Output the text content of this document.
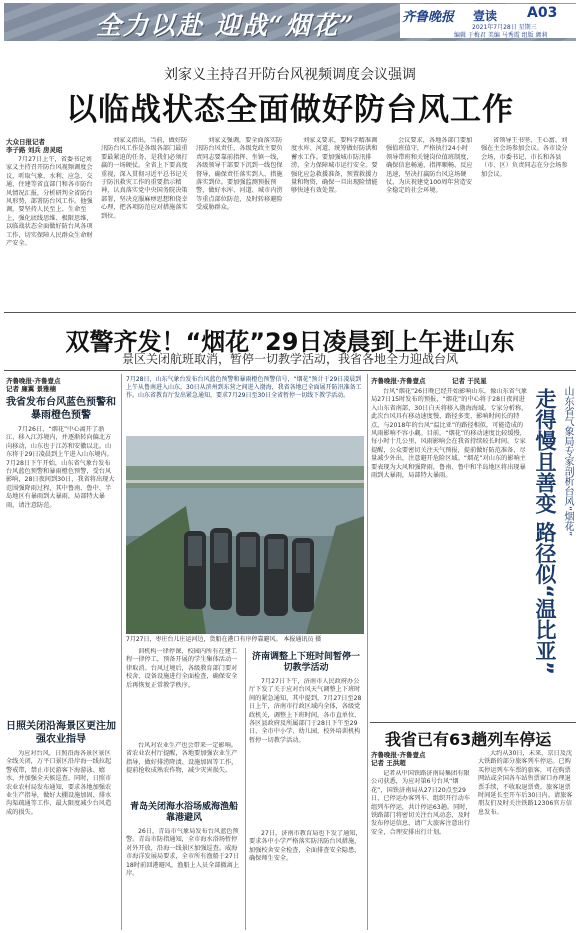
全力以赴 迎战“烟花”	齐鲁晚报 壹读 A03
2021年7月28日 星期三
编辑 于梅君 美编 马秀霞 组版 颜莉
刘家义主持召开防台风视频调度会议强调
以临战状态全面做好防台风工作
大众日报记者
李子路 刘兵 房灵昭
7月27日上午，省委书记刘家义主持召开防台风视频调度会议，听取气象、水利、应急、交通、住建等省直部门和各市防台风情况汇报，分析研判全省防台风形势，部署防台风工作。他强调，要坚持人民至上、生命至上，强化底线思维、极限思维，以临战状态全面做好防台风各项工作，切实保障人民群众生命财产安全。
刘家义指出，当前，做好防汛防台风工作是各级各部门最重要最紧迫的任务，是我们必须打赢的一场硬仗。全省上下要高度重视，深入贯彻习近平总书记关于防汛救灾工作的重要指示精神，认真落实党中央国务院决策部署，坚决克服麻痹思想和侥幸心理，把各项防范应对措施落实到位。
刘家义强调，要全面落实防汛防台风责任，各级党政主要负责同志要靠前指挥、坐镇一线，各级领导干部要下沉到一线包保督导，确保责任落实到人、措施落实到位。要加强监测预报预警，做好水库、河道、城市内涝等重点部位防范，及时转移避险受威胁群众。
刘家义要求，要科学精准调度水库、河道，统筹做好防洪和蓄水工作。要加强城市防汛排涝，全力保障城市运行安全。要强化应急救援准备，预置救援力量和物资，确保一旦出现险情能够快速有效处置。
会议要求，各地各部门要加强值班值守，严格执行24小时领导带班和关键岗位值班制度，确保信息畅通、指挥顺畅、反应迅速，坚决打赢防台风这场硬仗，为庆祝建党100周年营造安全稳定的社会环境。
省领导王书坚、王心富、刘强在主会场参加会议。各市设分会场，市委书记、市长和各县（市、区）负责同志在分会场参加会议。
双警齐发！“烟花”29日凌晨到上午进山东
景区关闭航班取消，暂停一切教学活动，我省各地全力迎战台风
齐鲁晚报·齐鲁壹点
记者 廉翼 景雅楠
我省发布台风蓝色预警和暴雨橙色预警
7月26日，“烟花”中心离开了浙江，移入江苏境内，并逐渐转向偏北方向移动，山东也于江苏和安徽以北。山东将于29日凌晨到上午进入山东境内。7月28日下午开始，山东省气象台发布台风蓝色预警和暴雨橙色预警，受台风影响，28日夜间到30日，我省将出现大范围强降雨过程，其中鲁南、鲁中、半岛地区有暴雨到大暴雨，局部特大暴雨，请注意防范。
日照关闭沿海景区更注加强农业指导
为应对台风，日照沿海各景区景区全线关闭，万平口景区沿岸海一线拉起警戒带，禁止市民游客下海游泳、嬉水，并加强全天候巡查。同时，日照市农业农村局发布通知，要求各地加强农业生产指导，做好大棚设施加固、排水沟渠疏通等工作，最大限度减少台风造成的损失。
7月28日，山东气象台发布台风蓝色预警和暴雨橙色预警信号，“烟花”预计于29日凌晨到上午从鲁南进入山东，30日从滨州到东营之间进入渤海，我省各地已全面展开防汛准备工作。山东省教育厅发出紧急通知，要求7月29日至30日全省暂停一切线下教学活动。
7月27日，枣庄台儿庄运河边，货船在港口有序停靠避风。 本报通讯员 摄
训机构一律停课，校园内所有在建工程一律停工，预备开展的学生集体活动一律取消。台风过境后，各级教育部门要对校舍、设备设施进行全面检查，确保安全后再恢复正常教学秩序。
台风对农业生产也会带来一定影响。省农业农村厅提醒，各地要加强农业生产指导，做好排涝降渍、设施加固等工作，提前抢收成熟农作物，减少灾害损失。
青岛关闭海水浴场威海渔船靠港避风
26日，青岛市气象局发布台风蓝色预警。青岛市防指通知，全市海水浴场暂停对外开放，沿海一线景区加强巡查。威海市海洋发展局要求，全市所有渔船于27日18时前回港避风，渔船上人员全部撤离上岸。
济南调整上下班时间暂停一切教学活动
7月27日下午，济南市人民政府办公厅下发了关于应对台风天气调整上下班时间的紧急通知，其中提到，7月27日至28日上午，济南市行政区域内全体，各级党政机关，调整上下班时间，各市直单位、各区县政府及所属部门于28日下午至29日，全市中小学、幼儿园、校外培训机构暂停一切教学活动。
27日，济南市教育局也下发了通知，要求各中小学严格落实防汛防台风措施，加强校舍安全检查，全面排查安全隐患，确保师生安全。
齐鲁晚报·齐鲁壹点	记者 于民星
台风“烟花”26日晚已经开始影响山东，像山东省气象局27日15时发布的预报，“烟花”的中心将于28日夜间进入山东省南部，30日白天将移入渤海海域。专家分析称，此次台风具有移动速度慢、路径多变、影响时间长的特点，与2018年的台风“温比亚”的路径相似，可能造成的风雨影响不容小觑。目前，“烟花”的移动速度比较缓慢，每小时十几公里，风雨影响会在我省持续较长时间。专家提醒，公众要密切关注天气预报，提前做好防范准备，尽量减少外出，注意避开危险区域。“烟花”对山东的影响主要表现为大风和强降雨，鲁南、鲁中和半岛地区将出现暴雨到大暴雨，局部特大暴雨。	山东省气象局专家剖析台风“烟花”
走得慢且善变 路径似“温比亚”
我省已有63趟列车停运
齐鲁晚报·齐鲁壹点
记者 王洪超
记者从中国铁路济南局集团有限公司获悉，为应对第6号台风“烟花”，国铁济南局从27日20点至29日，已停运办客列车、组织开行动车组列车停运，共计停运63趟。同时，铁路部门将密切关注台风动态，及时发布停运信息，请广大旅客注意出行安全，合理安排出行计划。
大约从30日，未来，京日及沈大铁路的部分旅客列车停运。已购买停运列车车票的旅客，可在购票网站或全国各车站售票窗口办理退票手续，不收取退票费。旅客退票时间延长至开车后30日内。请旅客朋友们及时关注铁路12306官方信息发布。
